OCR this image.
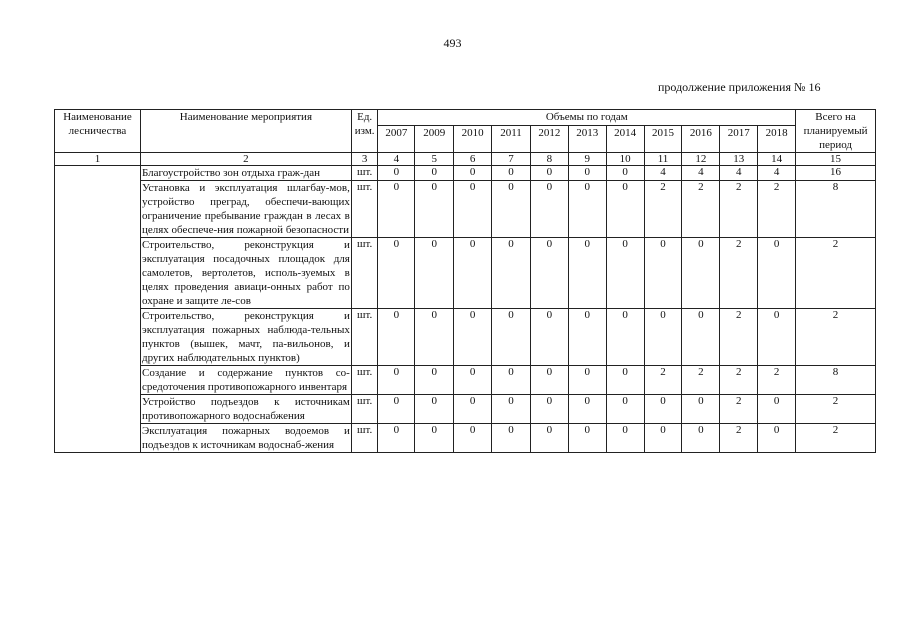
493
продолжение приложения № 16
Наименование лесничества	Наименование мероприятия	Ед. изм.	Объемы по годам											Всего на планируемый период
			2007	2009	2010	2011	2012	2013	2014	2015	2016	2017	2018	
1	2	3	4	5	6	7	8	9	10	11	12	13	14	15
	Благоустройство зон отдыха граж-дан	шт.	0	0	0	0	0	0	0	4	4	4	4	16
	Установка и эксплуатация шлагбау-мов, устройство преград, обеспечи-вающих ограничение пребывание граждан в лесах в целях обеспече-ния пожарной безопасности	шт.	0	0	0	0	0	0	0	2	2	2	2	8
	Строительство, реконструкция и эксплуатация посадочных площадок для самолетов, вертолетов, исполь-зуемых в целях проведения авиаци-онных работ по охране и защите ле-сов	шт.	0	0	0	0	0	0	0	0	0	2	0	2
	Строительство, реконструкция и эксплуатация пожарных наблюда-тельных пунктов (вышек, мачт, па-вильонов, и других наблюдательных пунктов)	шт.	0	0	0	0	0	0	0	0	0	2	0	2
	Создание и содержание пунктов со-средоточения противопожарного инвентаря	шт.	0	0	0	0	0	0	0	2	2	2	2	8
	Устройство подъездов к источникам противопожарного водоснабжения	шт.	0	0	0	0	0	0	0	0	0	2	0	2
	Эксплуатация пожарных водоемов и подъездов к источникам водоснаб-жения	шт.	0	0	0	0	0	0	0	0	0	2	0	2
